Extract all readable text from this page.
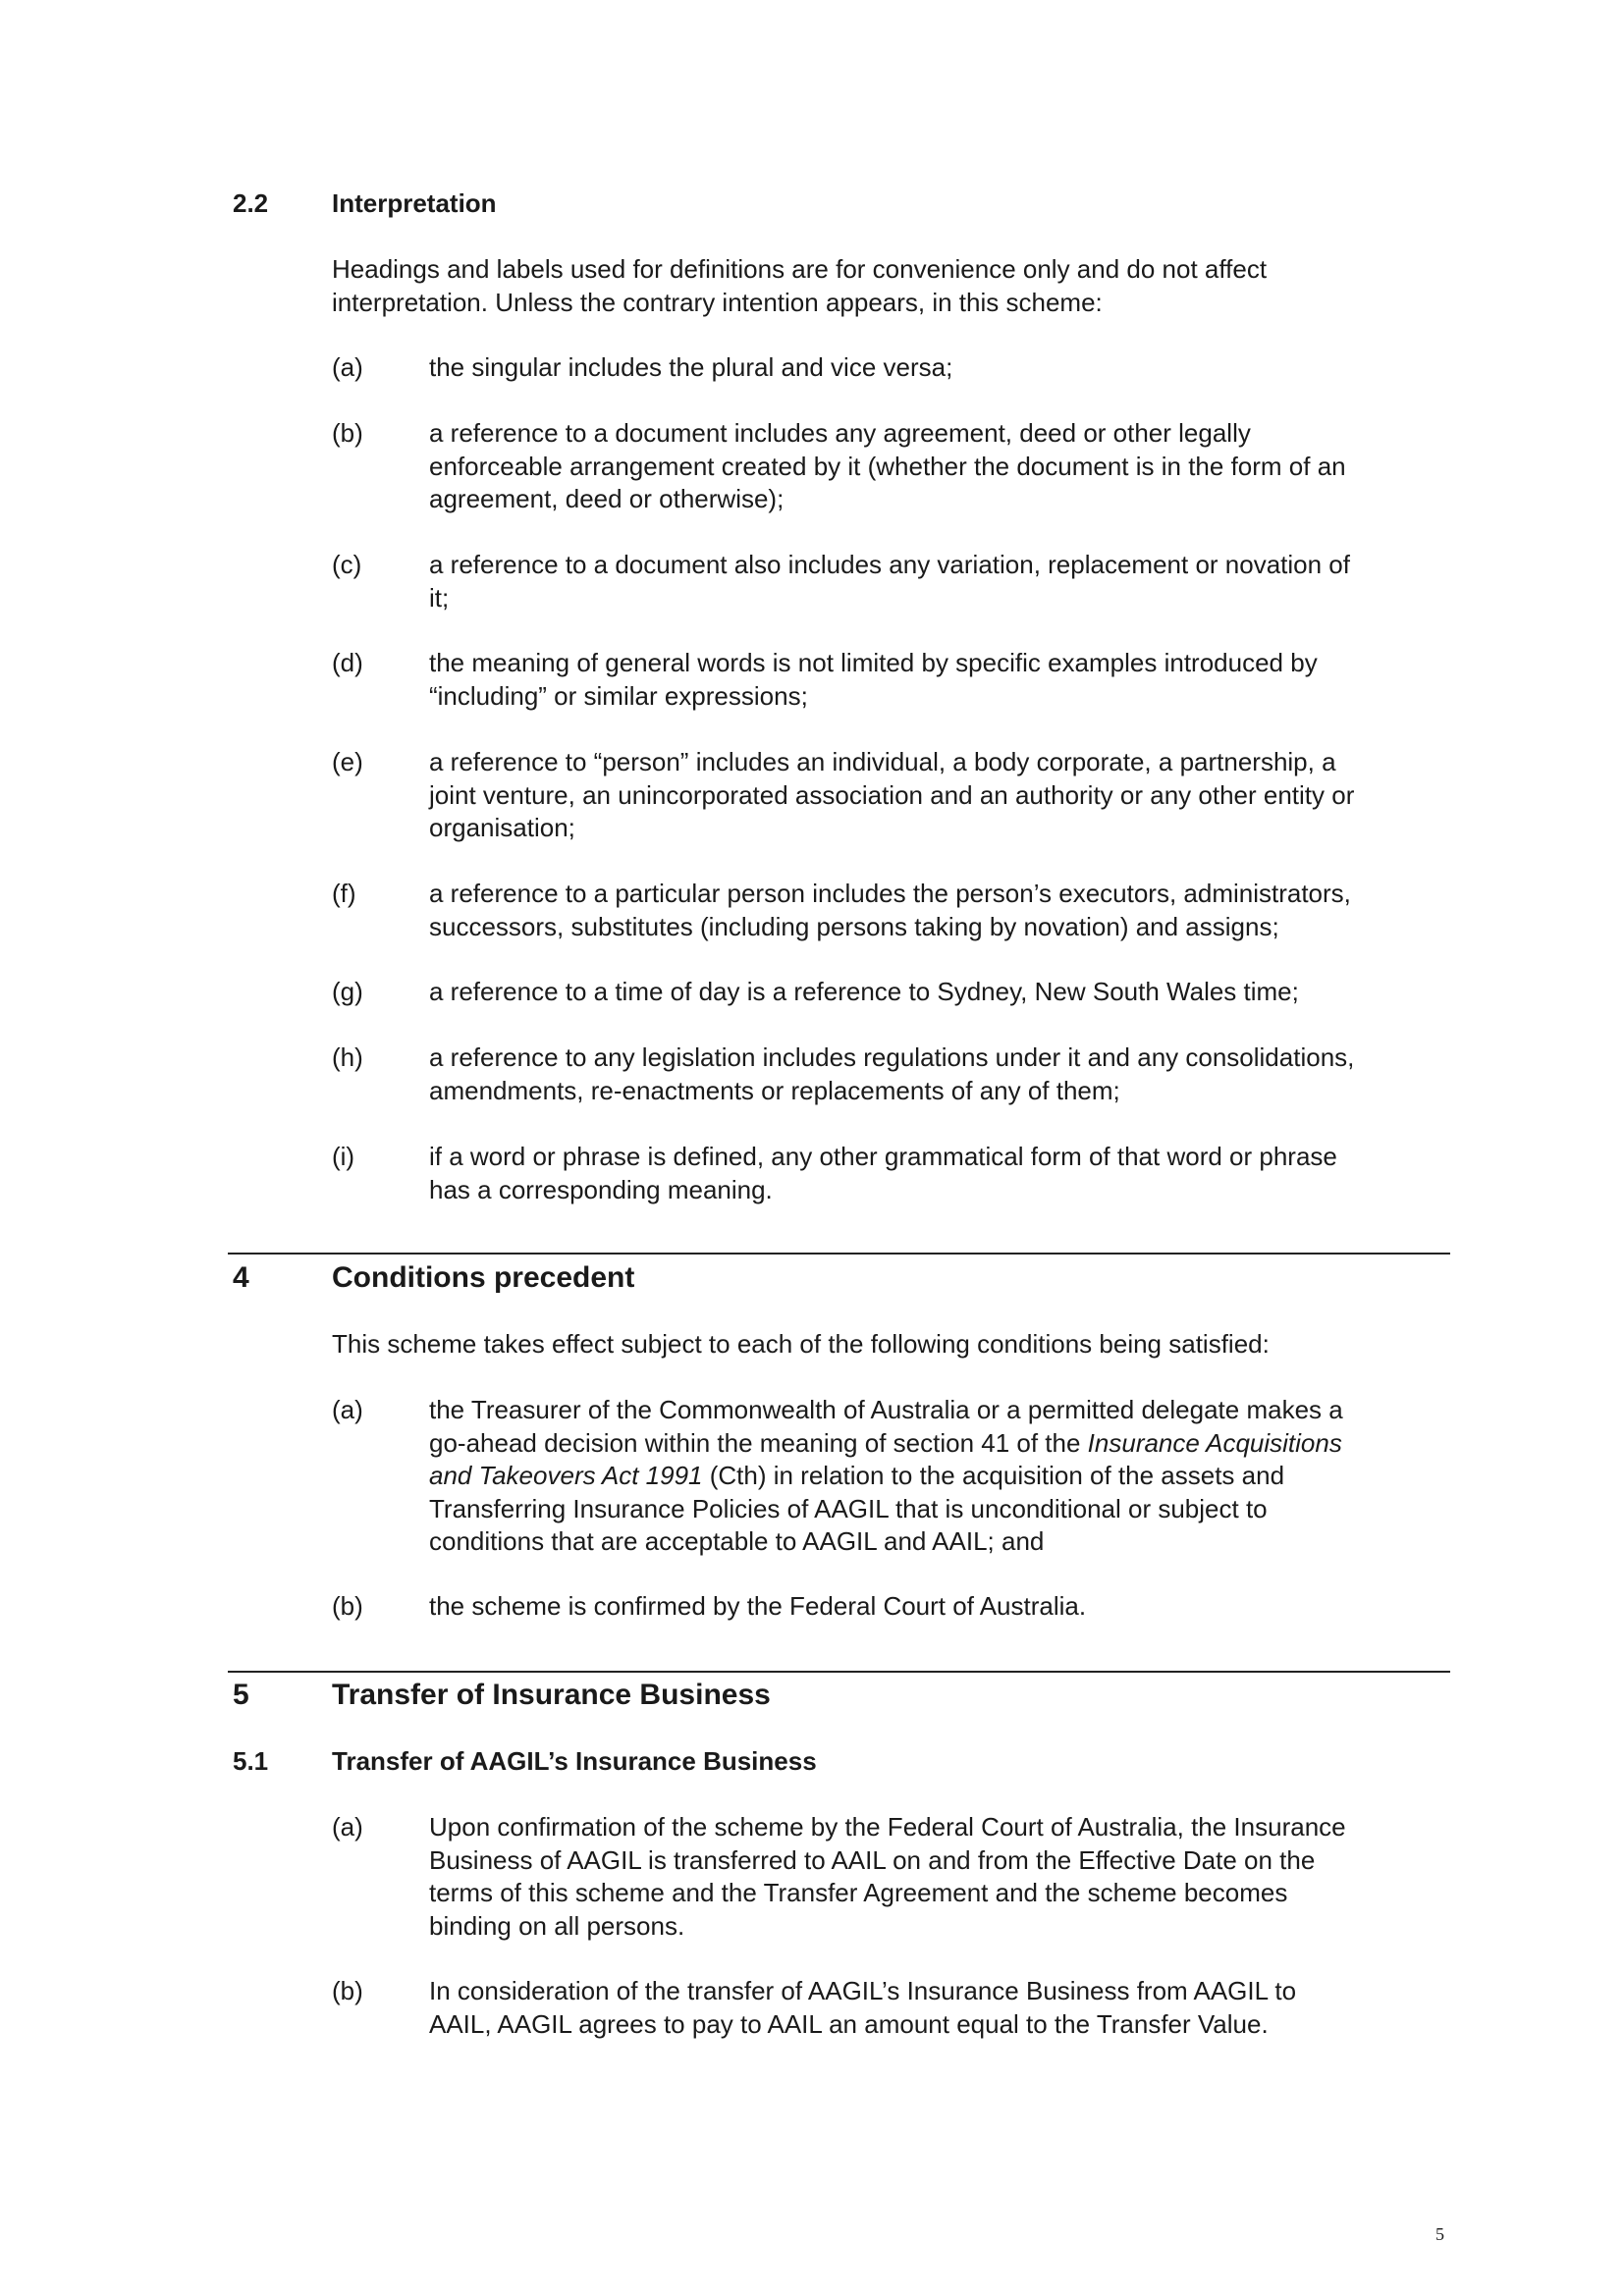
2.2 Interpretation
Headings and labels used for definitions are for convenience only and do not affect
interpretation. Unless the contrary intention appears, in this scheme:
(a)	the singular includes the plural and vice versa;
(b)	a reference to a document includes any agreement, deed or other legally
enforceable arrangement created by it (whether the document is in the form of an
agreement, deed or otherwise);
(c)	a reference to a document also includes any variation, replacement or novation of
it;
(d)	the meaning of general words is not limited by specific examples introduced by
“including” or similar expressions;
(e)	a reference to “person” includes an individual, a body corporate, a partnership, a
joint venture, an unincorporated association and an authority or any other entity or
organisation;
(f)	a reference to a particular person includes the person’s executors, administrators,
successors, substitutes (including persons taking by novation) and assigns;
(g)	a reference to a time of day is a reference to Sydney, New South Wales time;
(h)	a reference to any legislation includes regulations under it and any consolidations,
amendments, re-enactments or replacements of any of them;
(i)	if a word or phrase is defined, any other grammatical form of that word or phrase
has a corresponding meaning.
4	Conditions precedent
This scheme takes effect subject to each of the following conditions being satisfied:
(a)	the Treasurer of the Commonwealth of Australia or a permitted delegate makes a
go-ahead decision within the meaning of section 41 of the Insurance Acquisitions
and Takeovers Act 1991 (Cth) in relation to the acquisition of the assets and
Transferring Insurance Policies of AAGIL that is unconditional or subject to
conditions that are acceptable to AAGIL and AAIL; and
(b)	the scheme is confirmed by the Federal Court of Australia.
5	Transfer of Insurance Business
5.1 Transfer of AAGIL’s Insurance Business
(a)	Upon confirmation of the scheme by the Federal Court of Australia, the Insurance
Business of AAGIL is transferred to AAIL on and from the Effective Date on the
terms of this scheme and the Transfer Agreement and the scheme becomes
binding on all persons.
(b)	In consideration of the transfer of AAGIL’s Insurance Business from AAGIL to
AAIL, AAGIL agrees to pay to AAIL an amount equal to the Transfer Value.
5
